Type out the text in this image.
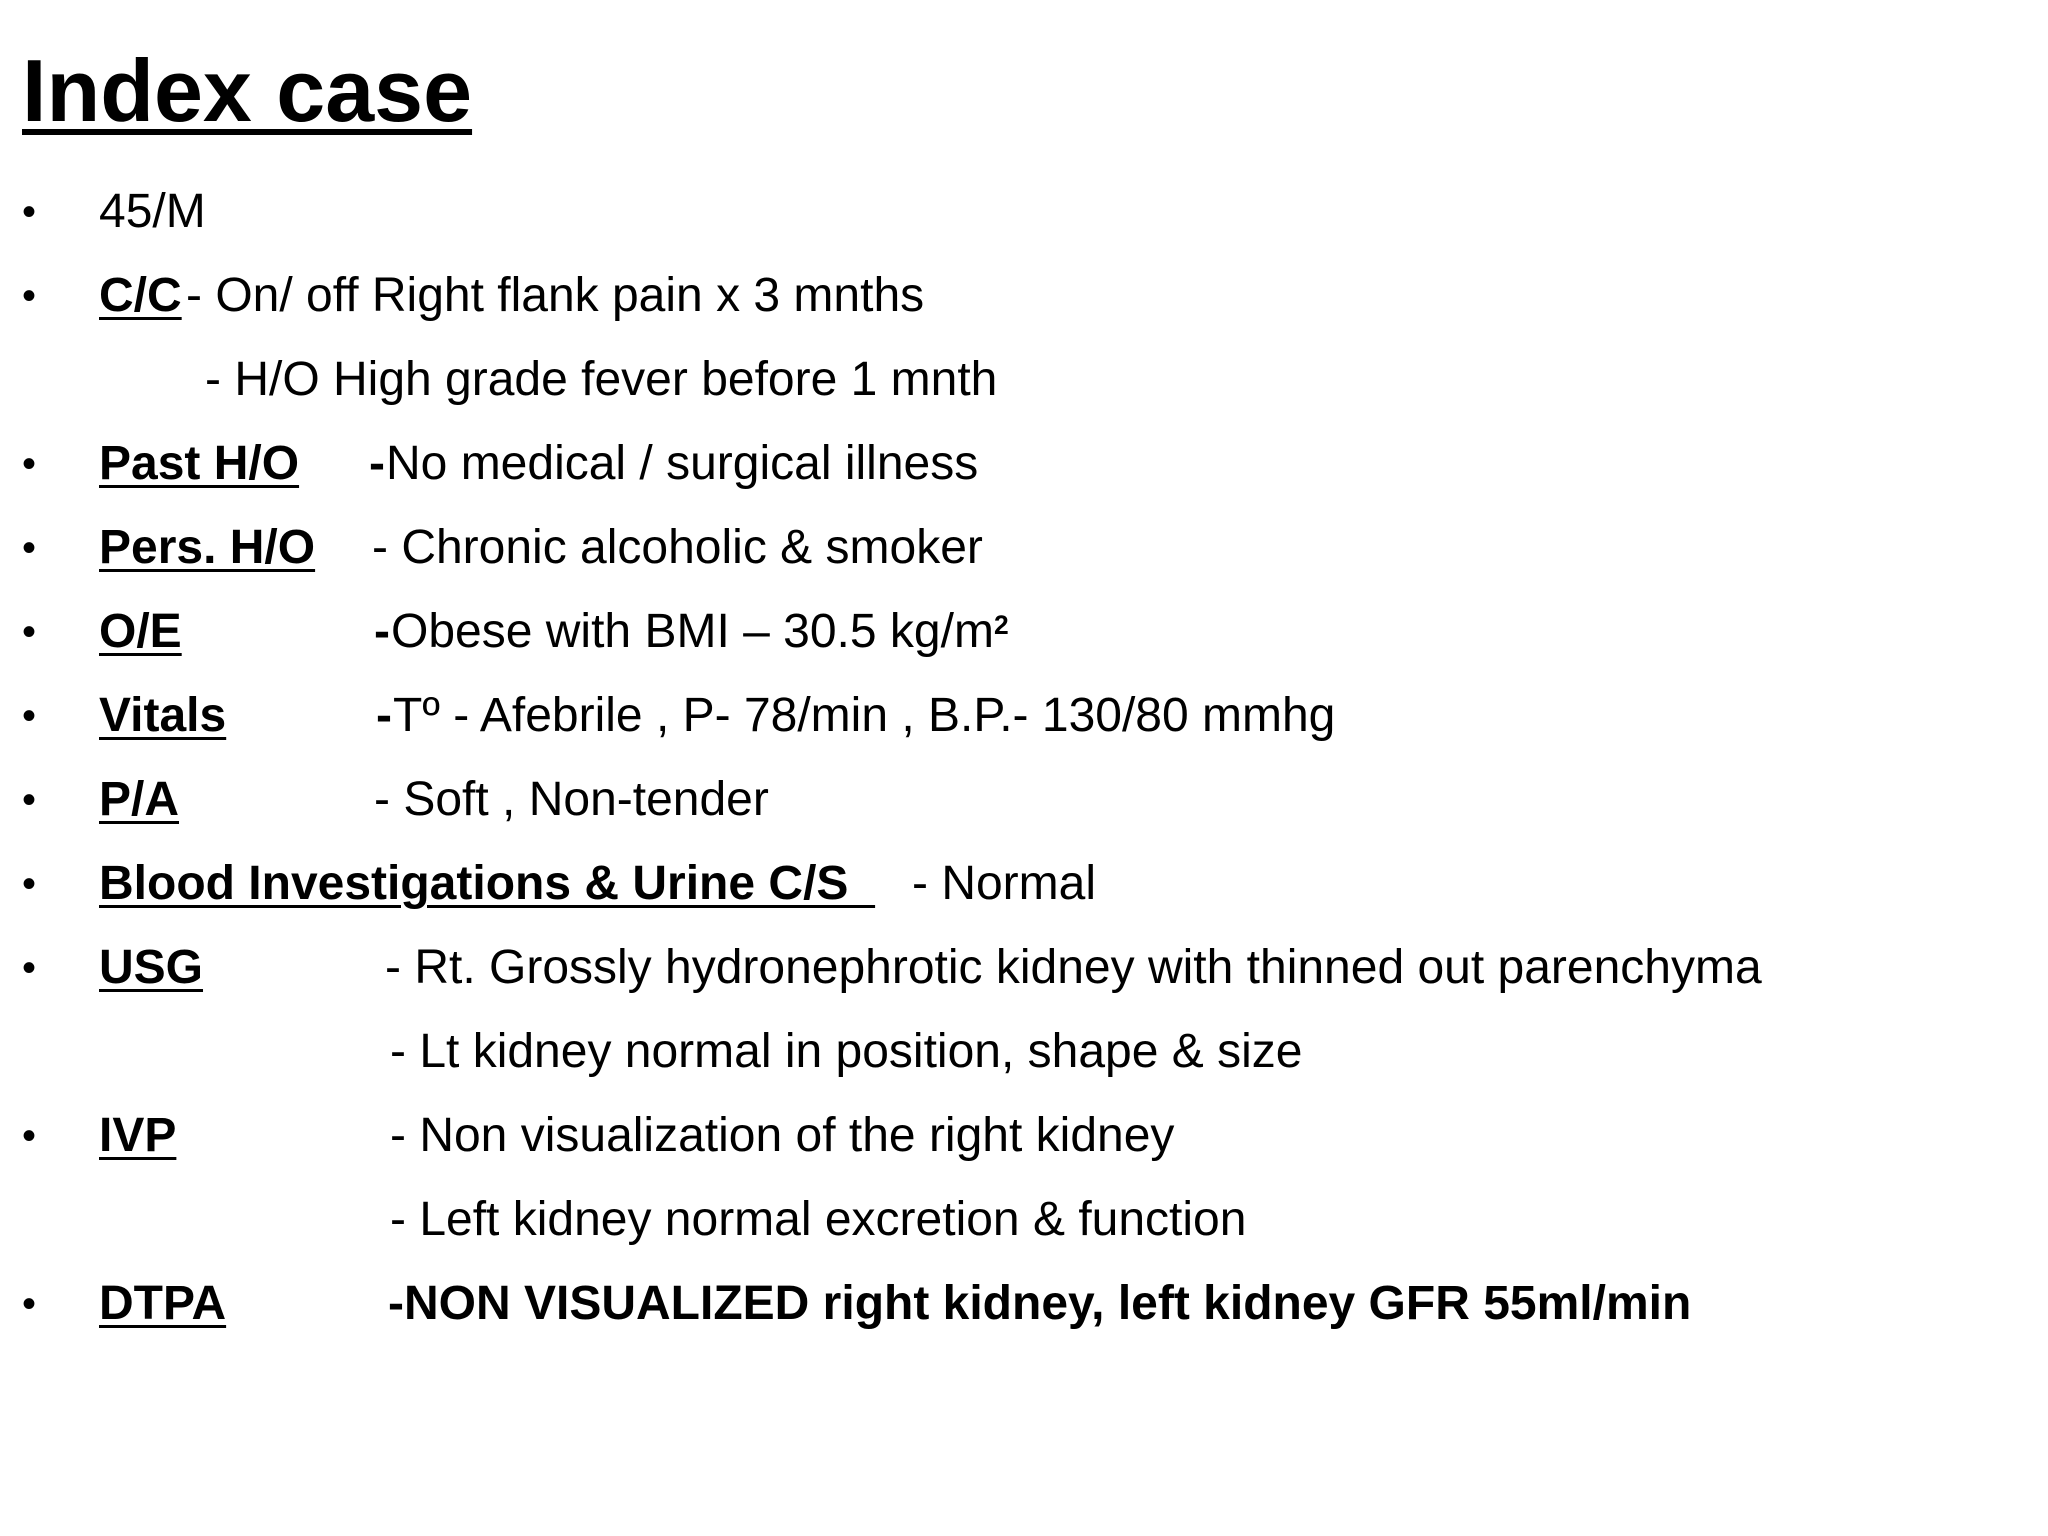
Index case
• 45/M
• C/C - On/ off Right flank pain x 3 mnths
- H/O High grade fever before 1 mnth
• Past H/O - No medical / surgical illness
• Pers. H/O - Chronic alcoholic & smoker
• O/E	- Obese with BMI – 30.5 $kg/m^2$
• Vitals	- Tº - Afebrile , P- 78/min , B.P.- 130/80 mmhg
• P/A	- Soft , Non-tender
• Blood Investigations & Urine C/S - Normal
• USG	- Rt. Grossly hydronephrotic kidney with thinned out parenchyma
- Lt kidney normal in position, shape & size
• IVP	- Non visualization of the right kidney
- Left kidney normal excretion & function
• DTPA	-NON VISUALIZED right kidney, left kidney GFR 55ml/min
